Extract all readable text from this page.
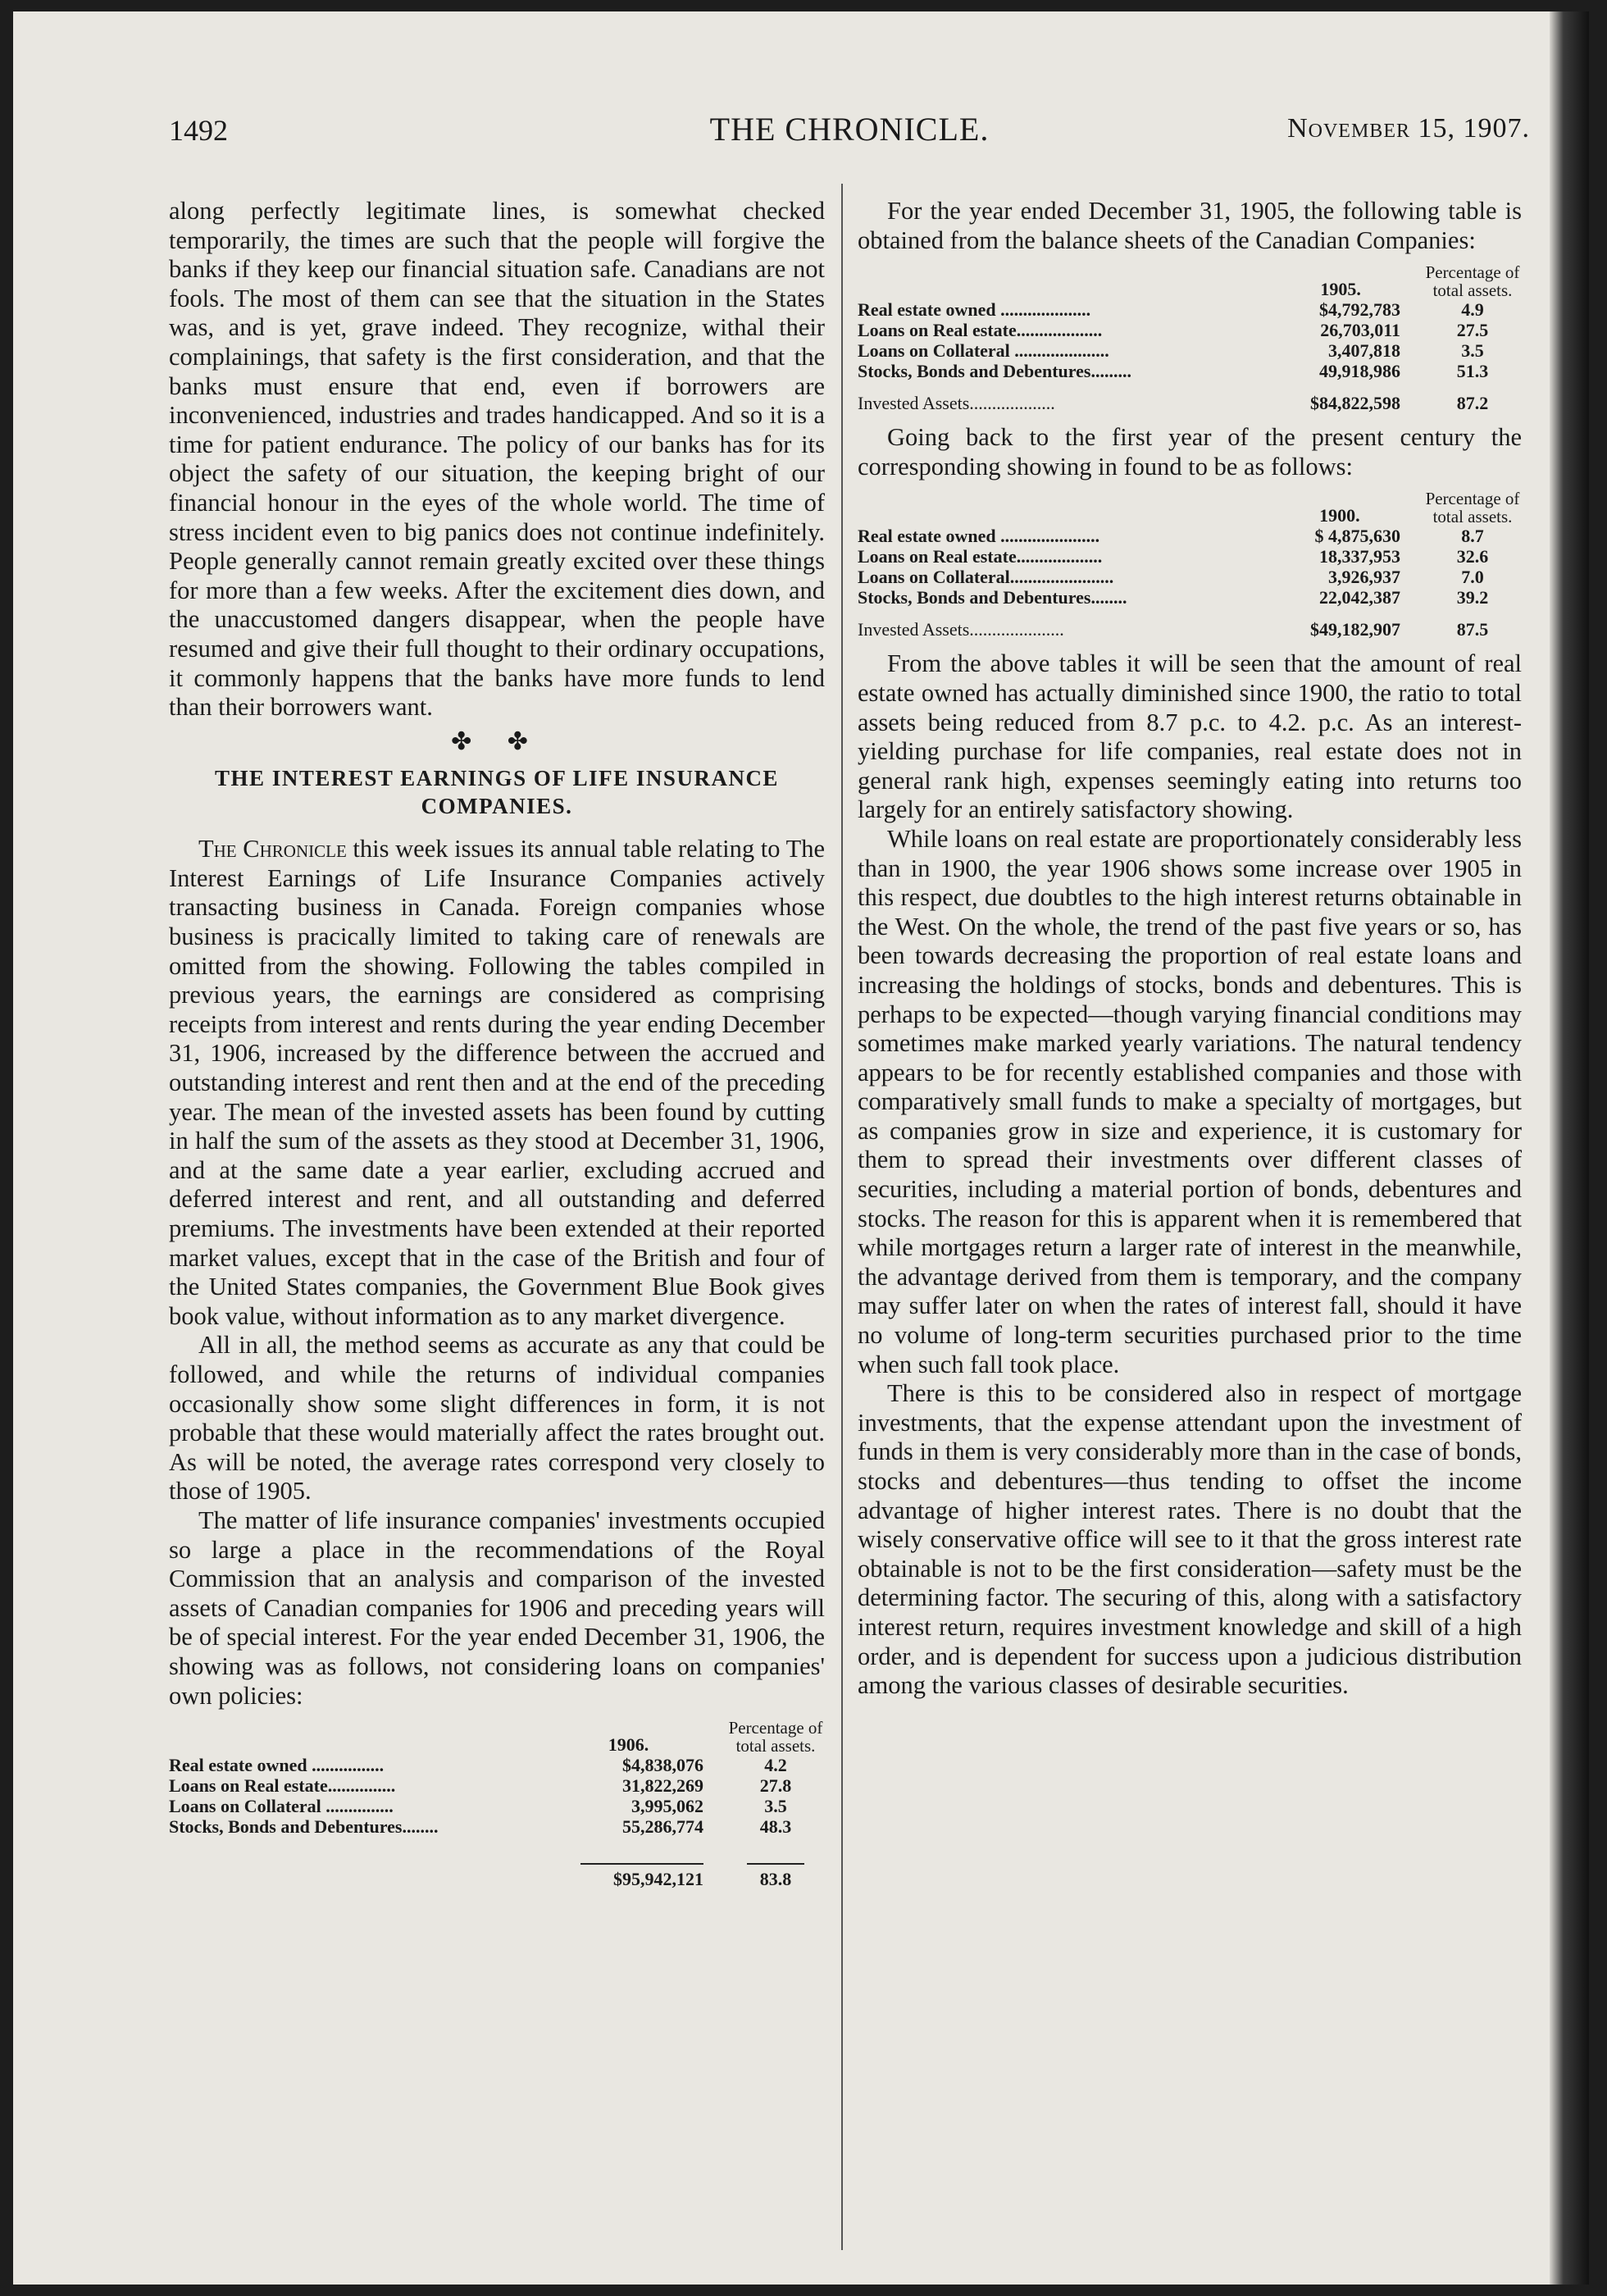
1492	THE CHRONICLE.	November 15, 1907.

along perfectly legitimate lines, is somewhat checked temporarily, the times are such that the people will forgive the banks if they keep our financial situation safe. Canadians are not fools. The most of them can see that the situation in the States was, and is yet, grave indeed. They recognize, withal their complainings, that safety is the first consideration, and that the banks must ensure that end, even if borrowers are inconvenienced, industries and trades handicapped. And so it is a time for patient endurance. The policy of our banks has for its object the safety of our situation, the keeping bright of our financial honour in the eyes of the whole world. The time of stress incident even to big panics does not continue indefinitely. People generally cannot remain greatly excited over these things for more than a few weeks. After the excitement dies down, and the unaccustomed dangers disappear, when the people have resumed and give their full thought to their ordinary occupations, it commonly happens that the banks have more funds to lend than their borrowers want.

✤ ✤
THE INTEREST EARNINGS OF LIFE INSURANCE COMPANIES.

The Chronicle this week issues its annual table relating to The Interest Earnings of Life Insurance Companies actively transacting business in Canada. Foreign companies whose business is pracically limited to taking care of renewals are omitted from the showing. Following the tables compiled in previous years, the earnings are considered as comprising receipts from interest and rents during the year ending December 31, 1906, increased by the difference between the accrued and outstanding interest and rent then and at the end of the preceding year. The mean of the invested assets has been found by cutting in half the sum of the assets as they stood at December 31, 1906, and at the same date a year earlier, excluding accrued and deferred interest and rent, and all outstanding and deferred premiums. The investments have been extended at their reported market values, except that in the case of the British and four of the United States companies, the Government Blue Book gives book value, without information as to any market divergence.

All in all, the method seems as accurate as any that could be followed, and while the returns of individual companies occasionally show some slight differences in form, it is not probable that these would materially affect the rates brought out. As will be noted, the average rates correspond very closely to those of 1905.

The matter of life insurance companies' investments occupied so large a place in the recommendations of the Royal Commission that an analysis and comparison of the invested assets of Canadian companies for 1906 and preceding years will be of special interest. For the year ended December 31, 1906, the showing was as follows, not considering loans on companies' own policies:

	1906.	Percentage of total assets.
Real estate owned ................	$4,838,076	4.2
Loans on Real estate...............	31,822,269	27.8
Loans on Collateral ...............	3,995,062	3.5
Stocks, Bonds and Debentures........	55,286,774	48.3

$95,942,121	83.8

For the year ended December 31, 1905, the following table is obtained from the balance sheets of the Canadian Companies:

	1905.	Percentage of total assets.
Real estate owned ....................	$4,792,783	4.9
Loans on Real estate...................	26,703,011	27.5
Loans on Collateral .....................	3,407,818	3.5
Stocks, Bonds and Debentures.........	49,918,986	51.3
Invested Assets...................	$84,822,598	87.2

Going back to the first year of the present century the corresponding showing in found to be as follows:

	1900.	Percentage of total assets.
Real estate owned ......................	$ 4,875,630	8.7
Loans on Real estate...................	18,337,953	32.6
Loans on Collateral.......................	3,926,937	7.0
Stocks, Bonds and Debentures........	22,042,387	39.2
Invested Assets.....................	$49,182,907	87.5

From the above tables it will be seen that the amount of real estate owned has actually diminished since 1900, the ratio to total assets being reduced from 8.7 p.c. to 4.2. p.c. As an interest-yielding purchase for life companies, real estate does not in general rank high, expenses seemingly eating into returns too largely for an entirely satisfactory showing.

While loans on real estate are proportionately considerably less than in 1900, the year 1906 shows some increase over 1905 in this respect, due doubtles to the high interest returns obtainable in the West. On the whole, the trend of the past five years or so, has been towards decreasing the proportion of real estate loans and increasing the holdings of stocks, bonds and debentures. This is perhaps to be expected—though varying financial conditions may sometimes make marked yearly variations. The natural tendency appears to be for recently established companies and those with comparatively small funds to make a specialty of mortgages, but as companies grow in size and experience, it is customary for them to spread their investments over different classes of securities, including a material portion of bonds, debentures and stocks. The reason for this is apparent when it is remembered that while mortgages return a larger rate of interest in the meanwhile, the advantage derived from them is temporary, and the company may suffer later on when the rates of interest fall, should it have no volume of long-term securities purchased prior to the time when such fall took place.

There is this to be considered also in respect of mortgage investments, that the expense attendant upon the investment of funds in them is very considerably more than in the case of bonds, stocks and debentures—thus tending to offset the income advantage of higher interest rates. There is no doubt that the wisely conservative office will see to it that the gross interest rate obtainable is not to be the first consideration—safety must be the determining factor. The securing of this, along with a satisfactory interest return, requires investment knowledge and skill of a high order, and is dependent for success upon a judicious distribution among the various classes of desirable securities.
